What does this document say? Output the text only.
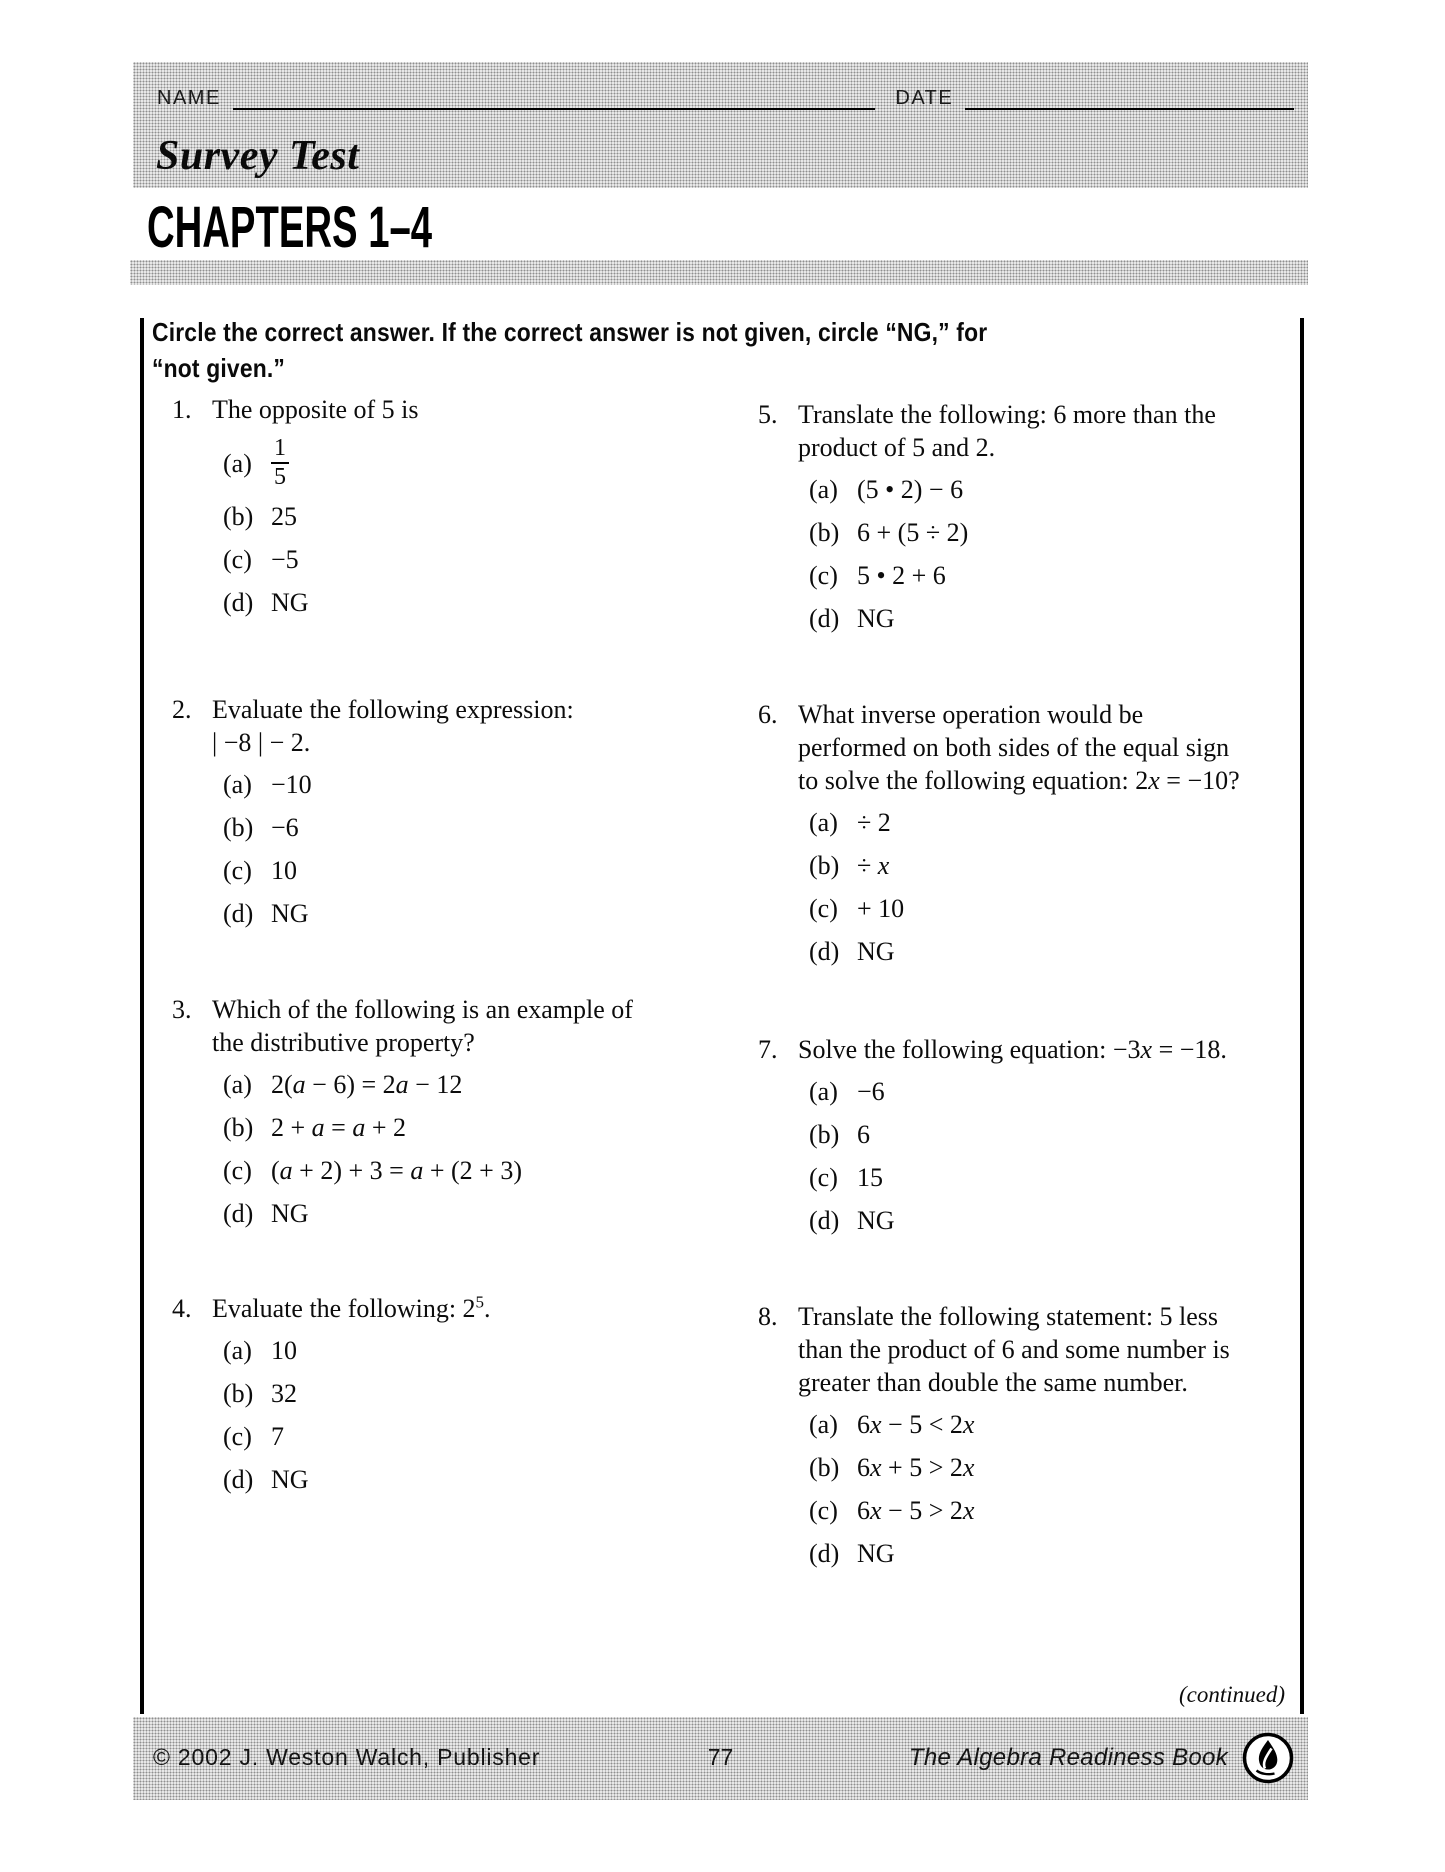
NAME	DATE
Survey Test
CHAPTERS 1–4
Circle the correct answer. If the correct answer is not given, circle “NG,” for
“not given.”
1. The opposite of 5 is
$(a) \frac{1}{5}$
(b) 25
(c) −5
(d) NG
2. Evaluate the following expression:
| −8 | − 2.
(a) −10
(b) −6
(c) 10
(d) NG
3. Which of the following is an example of
the distributive property?
(a) 2(a − 6) = 2a − 12
(b) 2 + a = a + 2
(c) (a + 2) + 3 = a + (2 + 3)
(d) NG
4. Evaluate the following: $2^5$.
(a) 10
(b) 32
(c) 7
(d) NG
5. Translate the following: 6 more than the
product of 5 and 2.
(a) (5 • 2) − 6
(b) 6 + (5 ÷ 2)
(c) 5 • 2 + 6
(d) NG
6. What inverse operation would be
performed on both sides of the equal sign
to solve the following equation: 2x = −10?
(a) ÷ 2
(b) ÷ x
(c) + 10
(d) NG
7. Solve the following equation: −3x = −18.
(a) −6
(b) 6
(c) 15
(d) NG
8. Translate the following statement: 5 less
than the product of 6 and some number is
greater than double the same number.
(a) 6x − 5 < 2x
(b) 6x + 5 > 2x
(c) 6x − 5 > 2x
(d) NG
(continued)
© 2002 J. Weston Walch, Publisher	77	The Algebra Readiness Book
